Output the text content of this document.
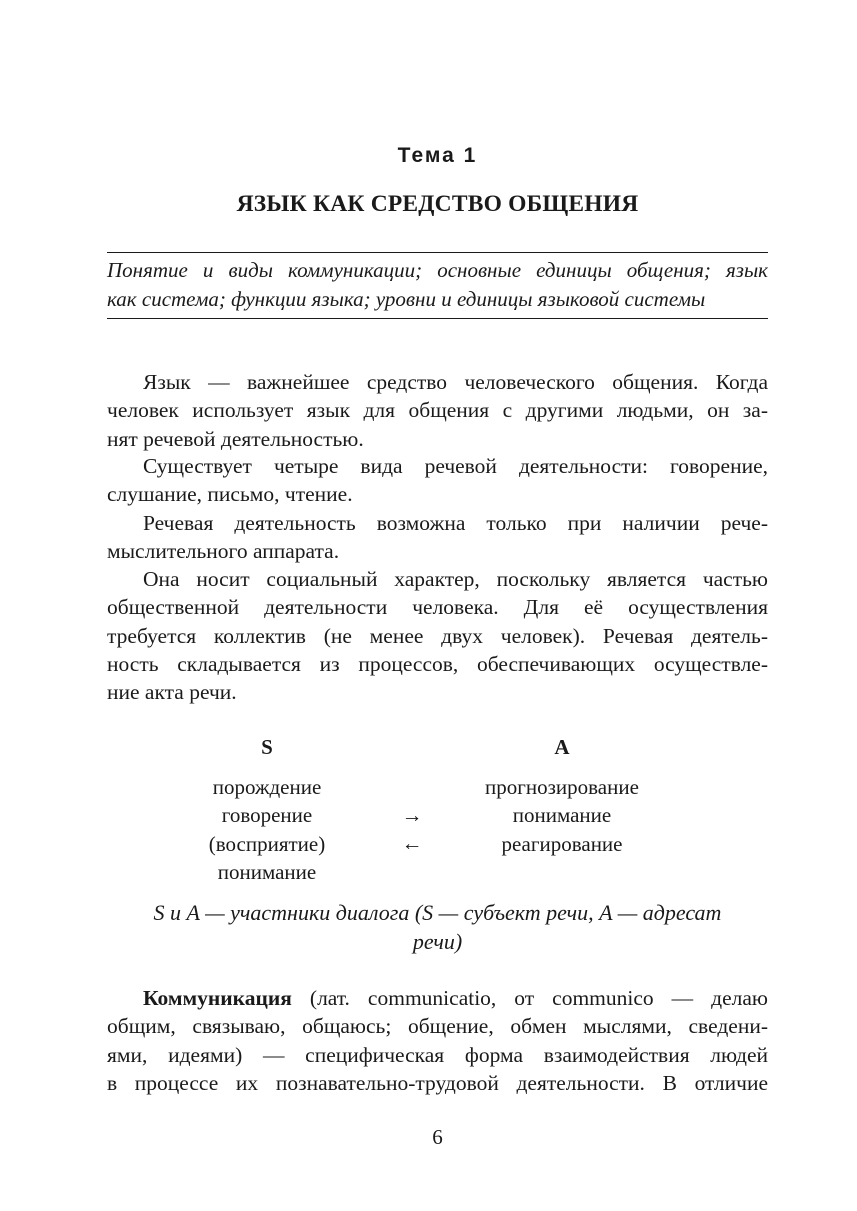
Тема 1
ЯЗЫК КАК СРЕДСТВО ОБЩЕНИЯ
Понятие и виды коммуникации; основные единицы общения; язык
как система; функции языка; уровни и единицы языковой системы
Язык — важнейшее средство человеческого общения. Когда
человек использует язык для общения с другими людьми, он за-
нят речевой деятельностью.
Существует четыре вида речевой деятельности: говорение,
слушание, письмо, чтение.
Речевая деятельность возможна только при наличии рече-
мыслительного аппарата.
Она носит социальный характер, поскольку является частью
общественной деятельности человека. Для её осуществления
требуется коллектив (не менее двух человек). Речевая деятель-
ность складывается из процессов, обеспечивающих осуществле-
ние акта речи.
S	A
порождение
говорение
(восприятие)
понимание
→
←
прогнозирование
понимание
реагирование
S и A — участники диалога (S — субъект речи, A — адресат
речи)
Коммуникация (лат. communicatio, от communico — делаю
общим, связываю, общаюсь; общение, обмен мыслями, сведени-
ями, идеями) — специфическая форма взаимодействия людей
в процессе их познавательно-трудовой деятельности. В отличие
6
